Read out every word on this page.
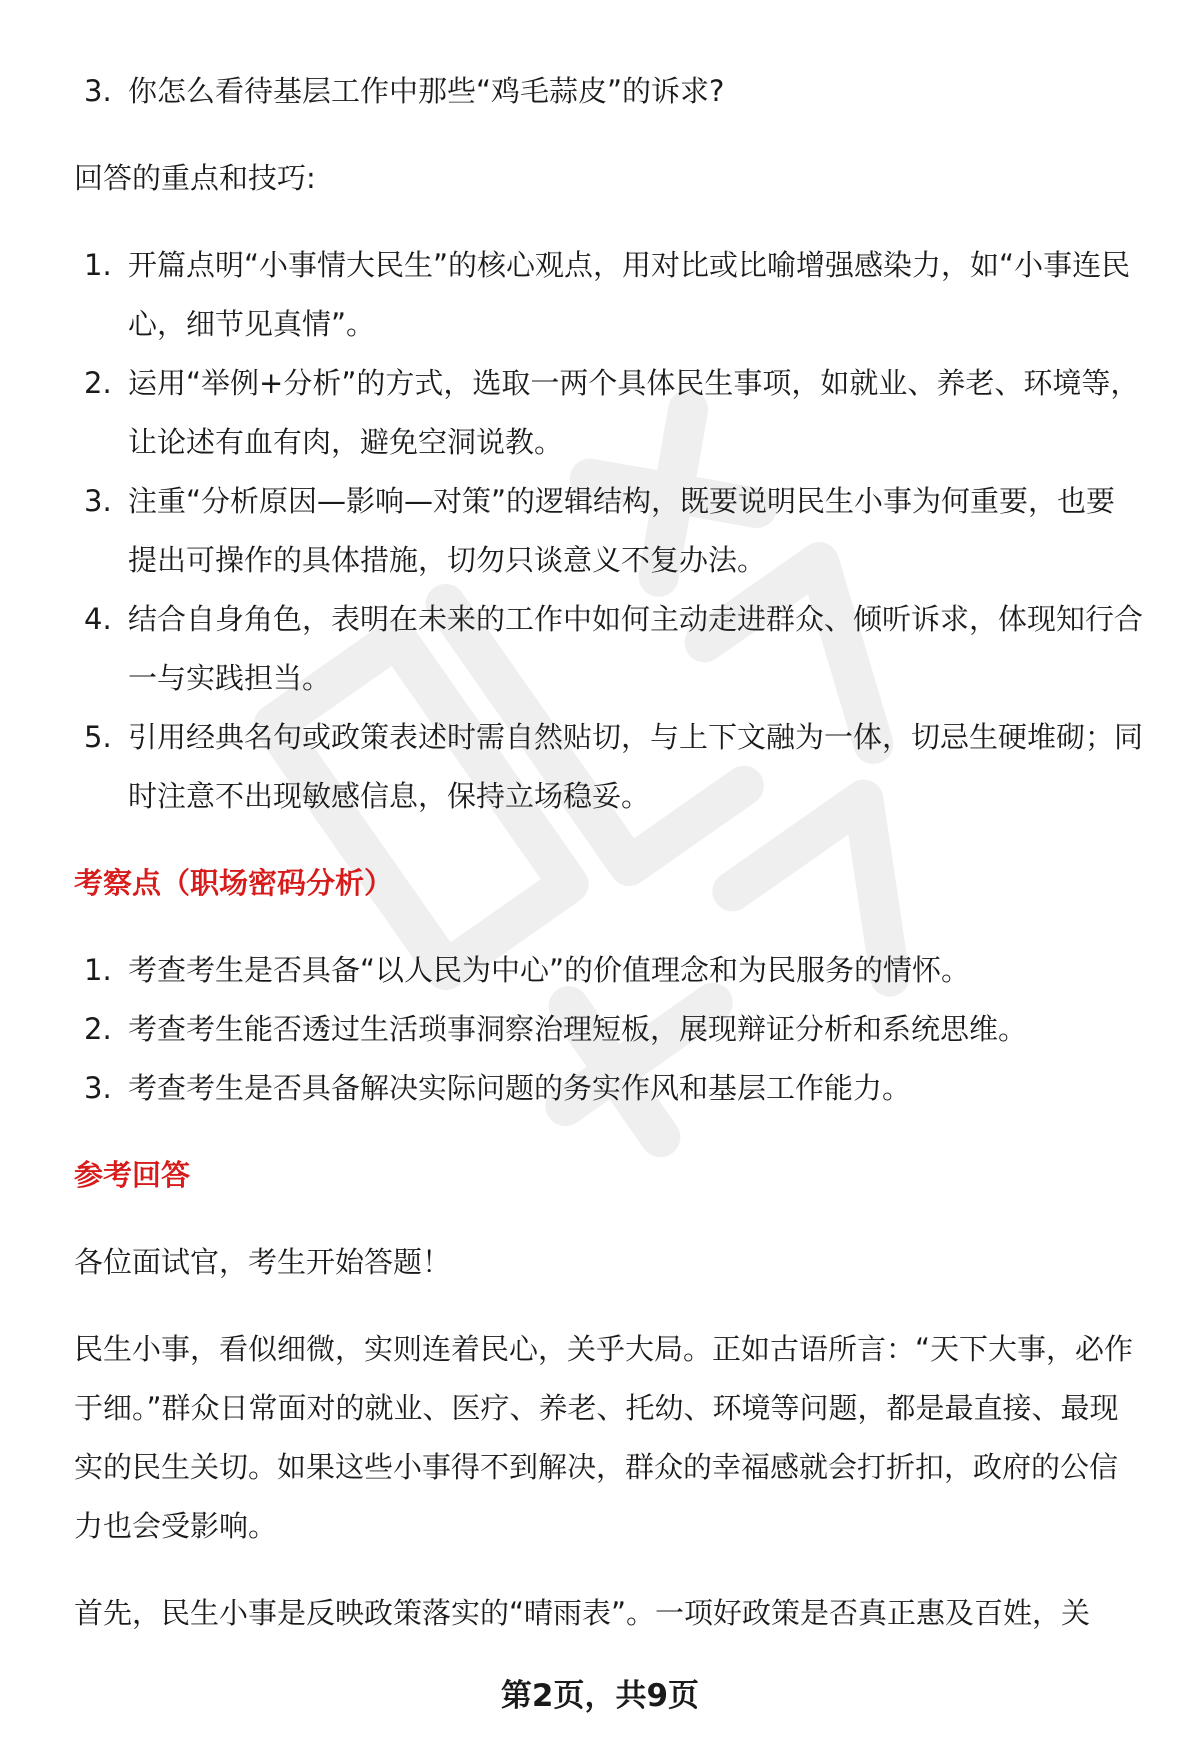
3. 你怎么看待基层工作中那些“鸡毛蒜皮”的诉求?

回答的重点和技巧:

1. 开篇点明“小事情大民生”的核心观点，用对比或比喻增强感染力，如“小事连民心，细节见真情”。
2. 运用“举例+分析”的方式，选取一两个具体民生事项，如就业、养老、环境等，让论述有血有肉，避免空洞说教。
3. 注重“分析原因—影响—对策”的逻辑结构，既要说明民生小事为何重要，也要提出可操作的具体措施，切勿只谈意义不复办法。
4. 结合自身角色，表明在未来的工作中如何主动走进群众、倾听诉求，体现知行合一与实践担当。
5. 引用经典名句或政策表述时需自然贴切，与上下文融为一体，切忌生硬堆砌；同时注意不出现敏感信息，保持立场稳妥。

考察点（职场密码分析）

1. 考查考生是否具备“以人民为中心”的价值理念和为民服务的情怀。
2. 考查考生能否透过生活琐事洞察治理短板，展现辩证分析和系统思维。
3. 考查考生是否具备解决实际问题的务实作风和基层工作能力。

参考回答

各位面试官，考生开始答题！

民生小事，看似细微，实则连着民心，关乎大局。正如古语所言：“天下大事，必作于细。”群众日常面对的就业、医疗、养老、托幼、环境等问题，都是最直接、最现实的民生关切。如果这些小事得不到解决，群众的幸福感就会打折扣，政府的公信力也会受影响。

首先，民生小事是反映政策落实的“晴雨表”。一项好政策是否真正惠及百姓，关

第2页，共9页
